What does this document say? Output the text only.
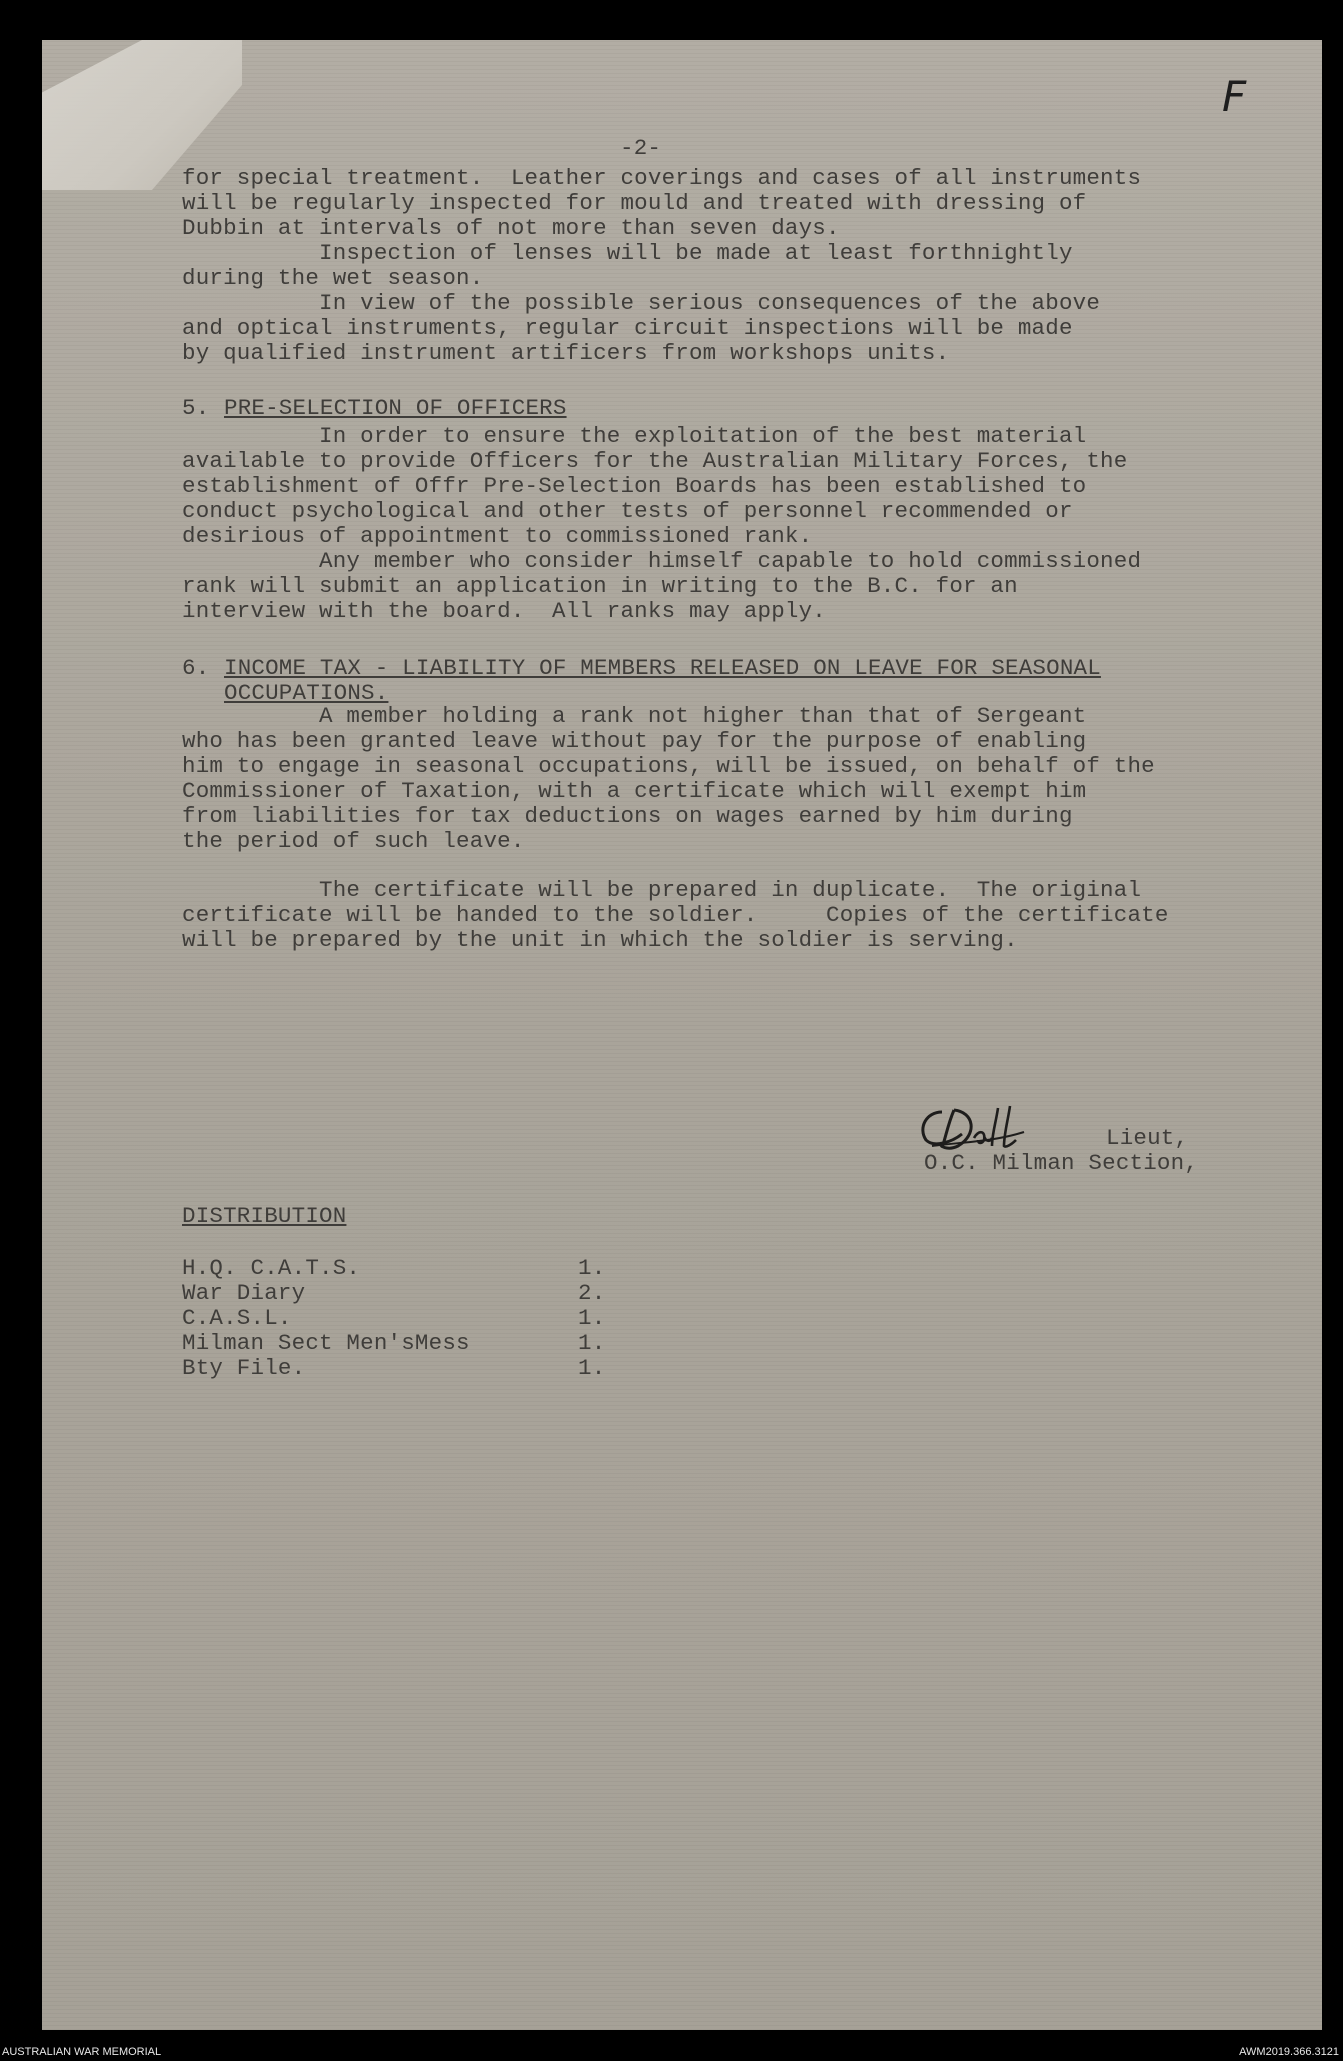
F
-2-
for special treatment.  Leather coverings and cases of all instruments
will be regularly inspected for mould and treated with dressing of
Dubbin at intervals of not more than seven days.
Inspection of lenses will be made at least forthnightly
during the wet season.
In view of the possible serious consequences of the above
and optical instruments, regular circuit inspections will be made
by qualified instrument artificers from workshops units.
5. PRE-SELECTION OF OFFICERS
In order to ensure the exploitation of the best material
available to provide Officers for the Australian Military Forces, the
establishment of Offr Pre-Selection Boards has been established to
conduct psychological and other tests of personnel recommended or
desirious of appointment to commissioned rank.
Any member who consider himself capable to hold commissioned
rank will submit an application in writing to the B.C. for an
interview with the board.  All ranks may apply.
6. INCOME TAX - LIABILITY OF MEMBERS RELEASED ON LEAVE FOR SEASONAL
OCCUPATIONS.
A member holding a rank not higher than that of Sergeant
who has been granted leave without pay for the purpose of enabling
him to engage in seasonal occupations, will be issued, on behalf of the
Commissioner of Taxation, with a certificate which will exempt him
from liabilities for tax deductions on wages earned by him during
the period of such leave.
The certificate will be prepared in duplicate.  The original
certificate will be handed to the soldier.     Copies of the certificate
will be prepared by the unit in which the soldier is serving.
Lieut,
O.C. Milman Section,
DISTRIBUTION
H.Q. C.A.T.S.	1.
War Diary	2.
C.A.S.L.	1.
Milman Sect Men'sMess	1.
Bty File.	1.
AUSTRALIAN WAR MEMORIAL	AWM2019.366.3121
